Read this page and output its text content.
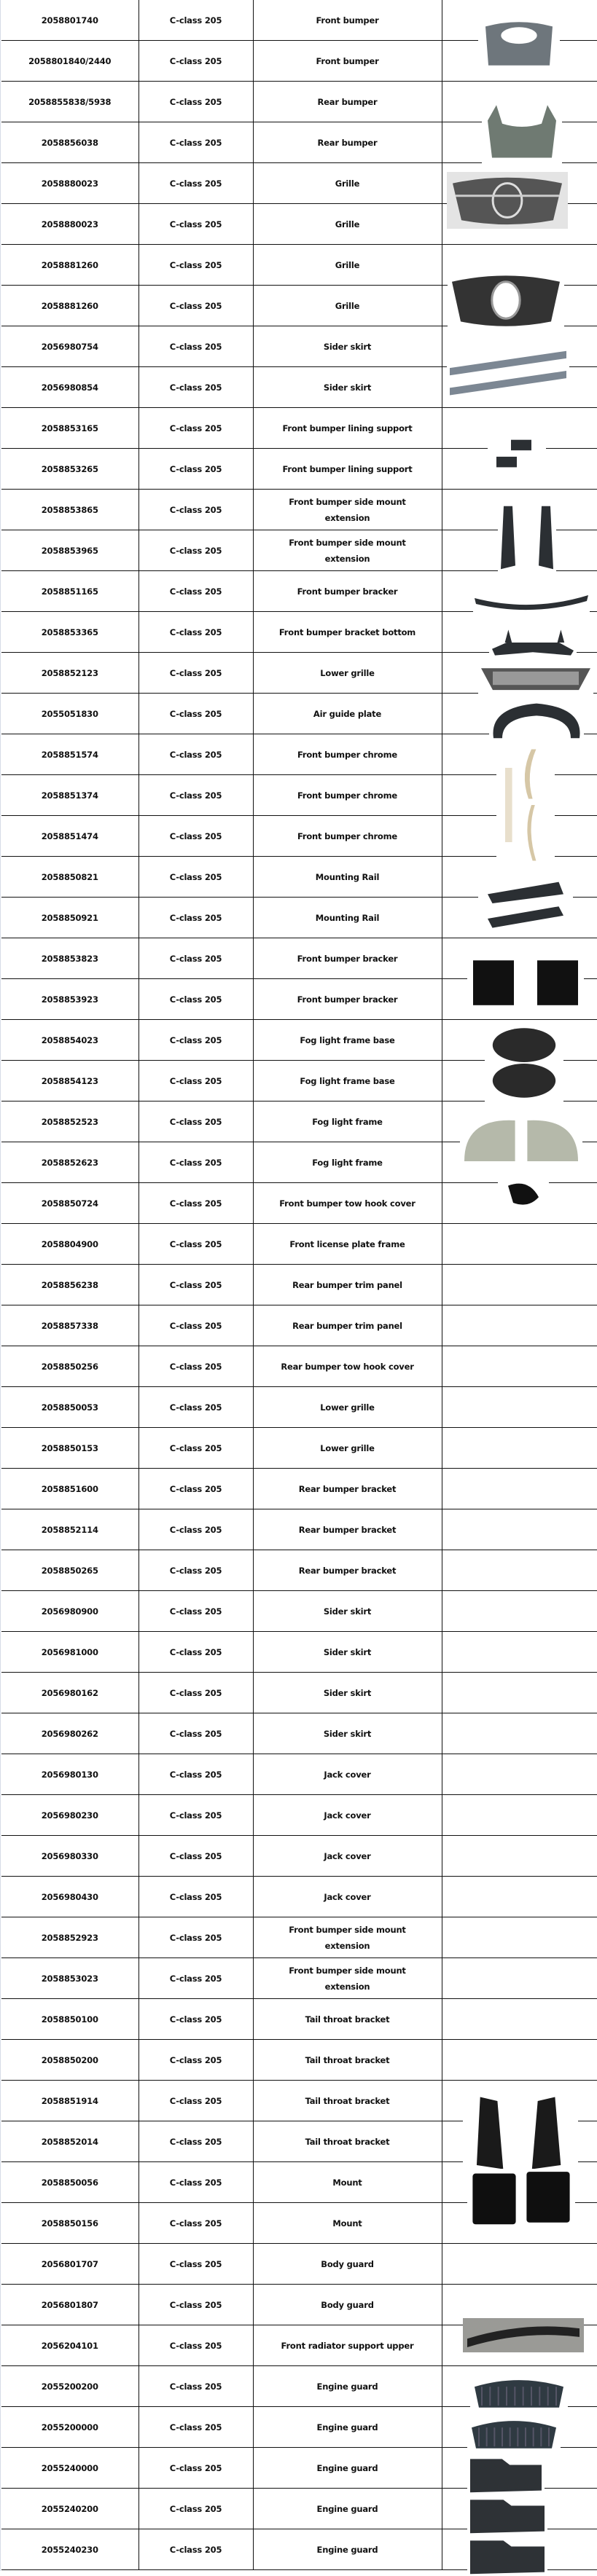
2058801740	C-class 205	Front bumper	
2058801840/2440	C-class 205	Front bumper	
2058855838/5938	C-class 205	Rear bumper	
2058856038	C-class 205	Rear bumper	
2058880023	C-class 205	Grille	
2058880023	C-class 205	Grille	
2058881260	C-class 205	Grille	
2058881260	C-class 205	Grille	
2056980754	C-class 205	Sider skirt	
2056980854	C-class 205	Sider skirt	
2058853165	C-class 205	Front bumper lining support	
2058853265	C-class 205	Front bumper lining support	
2058853865	C-class 205	Front bumper side mount extension	
2058853965	C-class 205	Front bumper side mount extension	
2058851165	C-class 205	Front bumper bracker	
2058853365	C-class 205	Front bumper bracket bottom	
2058852123	C-class 205	Lower grille	
2055051830	C-class 205	Air guide plate	
2058851574	C-class 205	Front bumper chrome	
2058851374	C-class 205	Front bumper chrome	
2058851474	C-class 205	Front bumper chrome	
2058850821	C-class 205	Mounting Rail	
2058850921	C-class 205	Mounting Rail	
2058853823	C-class 205	Front bumper bracker	
2058853923	C-class 205	Front bumper bracker	
2058854023	C-class 205	Fog light frame base	
2058854123	C-class 205	Fog light frame base	
2058852523	C-class 205	Fog light frame	
2058852623	C-class 205	Fog light frame	
2058850724	C-class 205	Front bumper tow hook cover	
2058804900	C-class 205	Front license plate frame	
2058856238	C-class 205	Rear bumper trim panel	
2058857338	C-class 205	Rear bumper trim panel	
2058850256	C-class 205	Rear bumper tow hook cover	
2058850053	C-class 205	Lower grille	
2058850153	C-class 205	Lower grille	
2058851600	C-class 205	Rear bumper bracket	
2058852114	C-class 205	Rear bumper bracket	
2058850265	C-class 205	Rear bumper bracket	
2056980900	C-class 205	Sider skirt	
2056981000	C-class 205	Sider skirt	
2056980162	C-class 205	Sider skirt	
2056980262	C-class 205	Sider skirt	
2056980130	C-class 205	Jack cover	
2056980230	C-class 205	Jack cover	
2056980330	C-class 205	Jack cover	
2056980430	C-class 205	Jack cover	
2058852923	C-class 205	Front bumper side mount extension	
2058853023	C-class 205	Front bumper side mount extension	
2058850100	C-class 205	Tail throat bracket	
2058850200	C-class 205	Tail throat bracket	
2058851914	C-class 205	Tail throat bracket	
2058852014	C-class 205	Tail throat bracket	
2058850056	C-class 205	Mount	
2058850156	C-class 205	Mount	
2056801707	C-class 205	Body guard	
2056801807	C-class 205	Body guard	
2056204101	C-class 205	Front radiator support upper	
2055200200	C-class 205	Engine guard	
2055200000	C-class 205	Engine guard	
2055240000	C-class 205	Engine guard	
2055240200	C-class 205	Engine guard	
2055240230	C-class 205	Engine guard	
